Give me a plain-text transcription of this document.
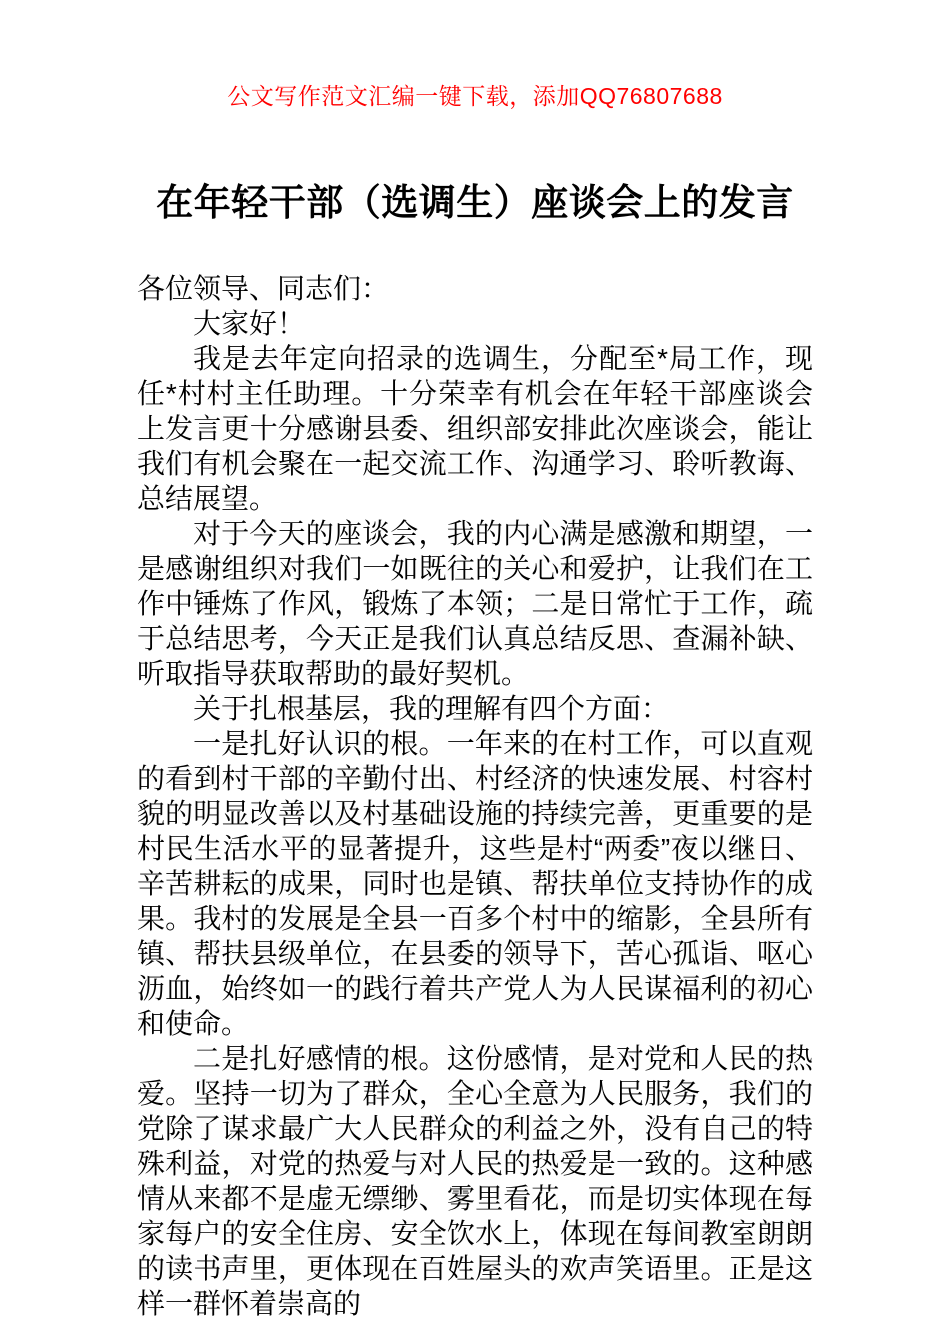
公文写作范文汇编一键下载，添加QQ76807688

在年轻干部（选调生）座谈会上的发言

各位领导、同志们：

大家好！

我是去年定向招录的选调生，分配至*局工作，现任*村村主任助理。十分荣幸有机会在年轻干部座谈会上发言更十分感谢县委、组织部安排此次座谈会，能让我们有机会聚在一起交流工作、沟通学习、聆听教诲、总结展望。

对于今天的座谈会，我的内心满是感激和期望，一是感谢组织对我们一如既往的关心和爱护，让我们在工作中锤炼了作风，锻炼了本领；二是日常忙于工作，疏于总结思考，今天正是我们认真总结反思、查漏补缺、听取指导获取帮助的最好契机。

关于扎根基层，我的理解有四个方面：

一是扎好认识的根。一年来的在村工作，可以直观的看到村干部的辛勤付出、村经济的快速发展、村容村貌的明显改善以及村基础设施的持续完善，更重要的是村民生活水平的显著提升，这些是村“两委”夜以继日、辛苦耕耘的成果，同时也是镇、帮扶单位支持协作的成果。我村的发展是全县一百多个村中的缩影，全县所有镇、帮扶县级单位，在县委的领导下，苦心孤诣、呕心沥血，始终如一的践行着共产党人为人民谋福利的初心和使命。

二是扎好感情的根。这份感情，是对党和人民的热爱。坚持一切为了群众，全心全意为人民服务，我们的党除了谋求最广大人民群众的利益之外，没有自己的特殊利益，对党的热爱与对人民的热爱是一致的。这种感情从来都不是虚无缥缈、雾里看花，而是切实体现在每家每户的安全住房、安全饮水上，体现在每间教室朗朗的读书声里，更体现在百姓屋头的欢声笑语里。正是这样一群怀着崇高的
